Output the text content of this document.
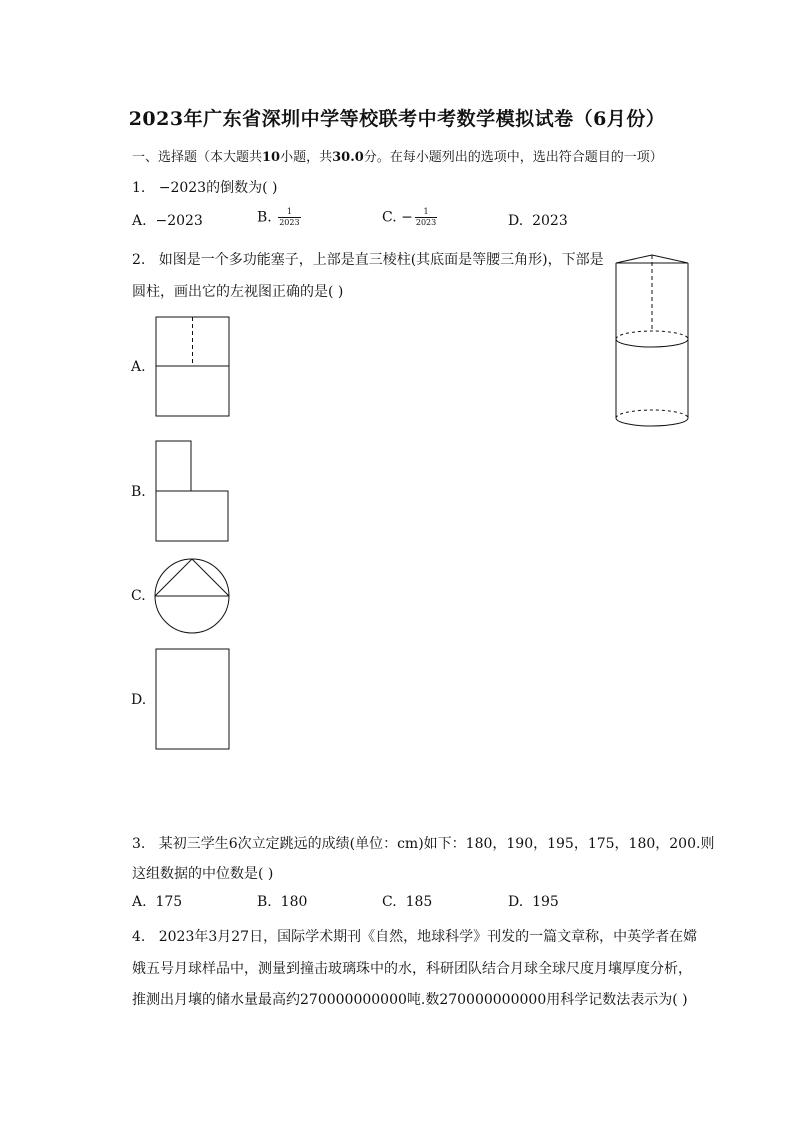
2023年广东省深圳中学等校联考中考数学模拟试卷（6月份）
一、选择题（本大题共10小题，共30.0分。在每小题列出的选项中，选出符合题目的一项）
1. −2023的倒数为( )
A. −2023	B. $\frac{1}{2023}$	C. − $\frac{1}{2023}$	D. 2023
2. 如图是一个多功能塞子，上部是直三棱柱(其底面是等腰三角形)，下部是
圆柱，画出它的左视图正确的是( )
A.
B.
C.
D.
3. 某初三学生6次立定跳远的成绩(单位：cm)如下：180，190，195，175，180，200.则
这组数据的中位数是( )
A. 175	B. 180	C. 185	D. 195
4. 2023年3月27日，国际学术期刊《自然，地球科学》刊发的一篇文章称，中英学者在嫦
娥五号月球样品中，测量到撞击玻璃珠中的水，科研团队结合月球全球尺度月壤厚度分析，
推测出月壤的储水量最高约270000000000吨.数270000000000用科学记数法表示为( )
